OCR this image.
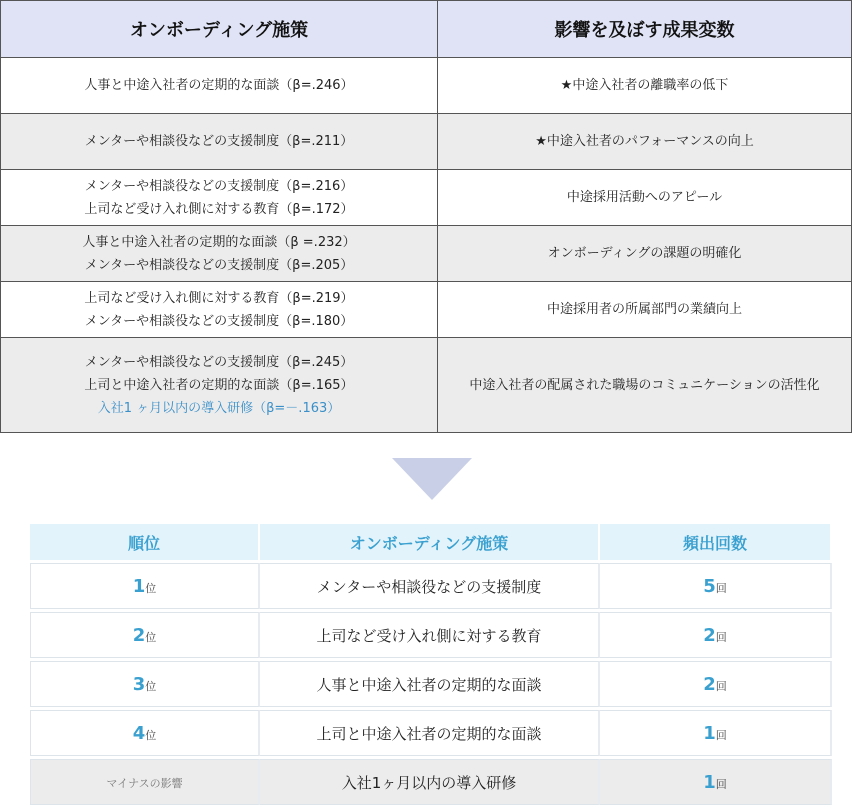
オンボーディング施策	影響を及ぼす成果変数

人事と中途入社者の定期的な面談（β=.246）	★中途入社者の離職率の低下

メンターや相談役などの支援制度（β=.211）	★中途入社者のパフォーマンスの向上

メンターや相談役などの支援制度（β=.216）
上司など受け入れ側に対する教育（β=.172）	中途採用活動へのアピール

人事と中途入社者の定期的な面談（β =.232）
メンターや相談役などの支援制度（β=.205）	オンボーディングの課題の明確化

上司など受け入れ側に対する教育（β=.219）
メンターや相談役などの支援制度（β=.180）	中途採用者の所属部門の業績向上

メンターや相談役などの支援制度（β=.245）
上司と中途入社者の定期的な面談（β=.165）
入社1 ヶ月以内の導入研修（β=－.163）	中途入社者の配属された職場のコミュニケーションの活性化
順位	オンボーディング施策	頻出回数
1位	メンターや相談役などの支援制度	5回
2位	上司など受け入れ側に対する教育	2回
3位	人事と中途入社者の定期的な面談	2回
4位	上司と中途入社者の定期的な面談	1回
マイナスの影響	入社1ヶ月以内の導入研修	1回
